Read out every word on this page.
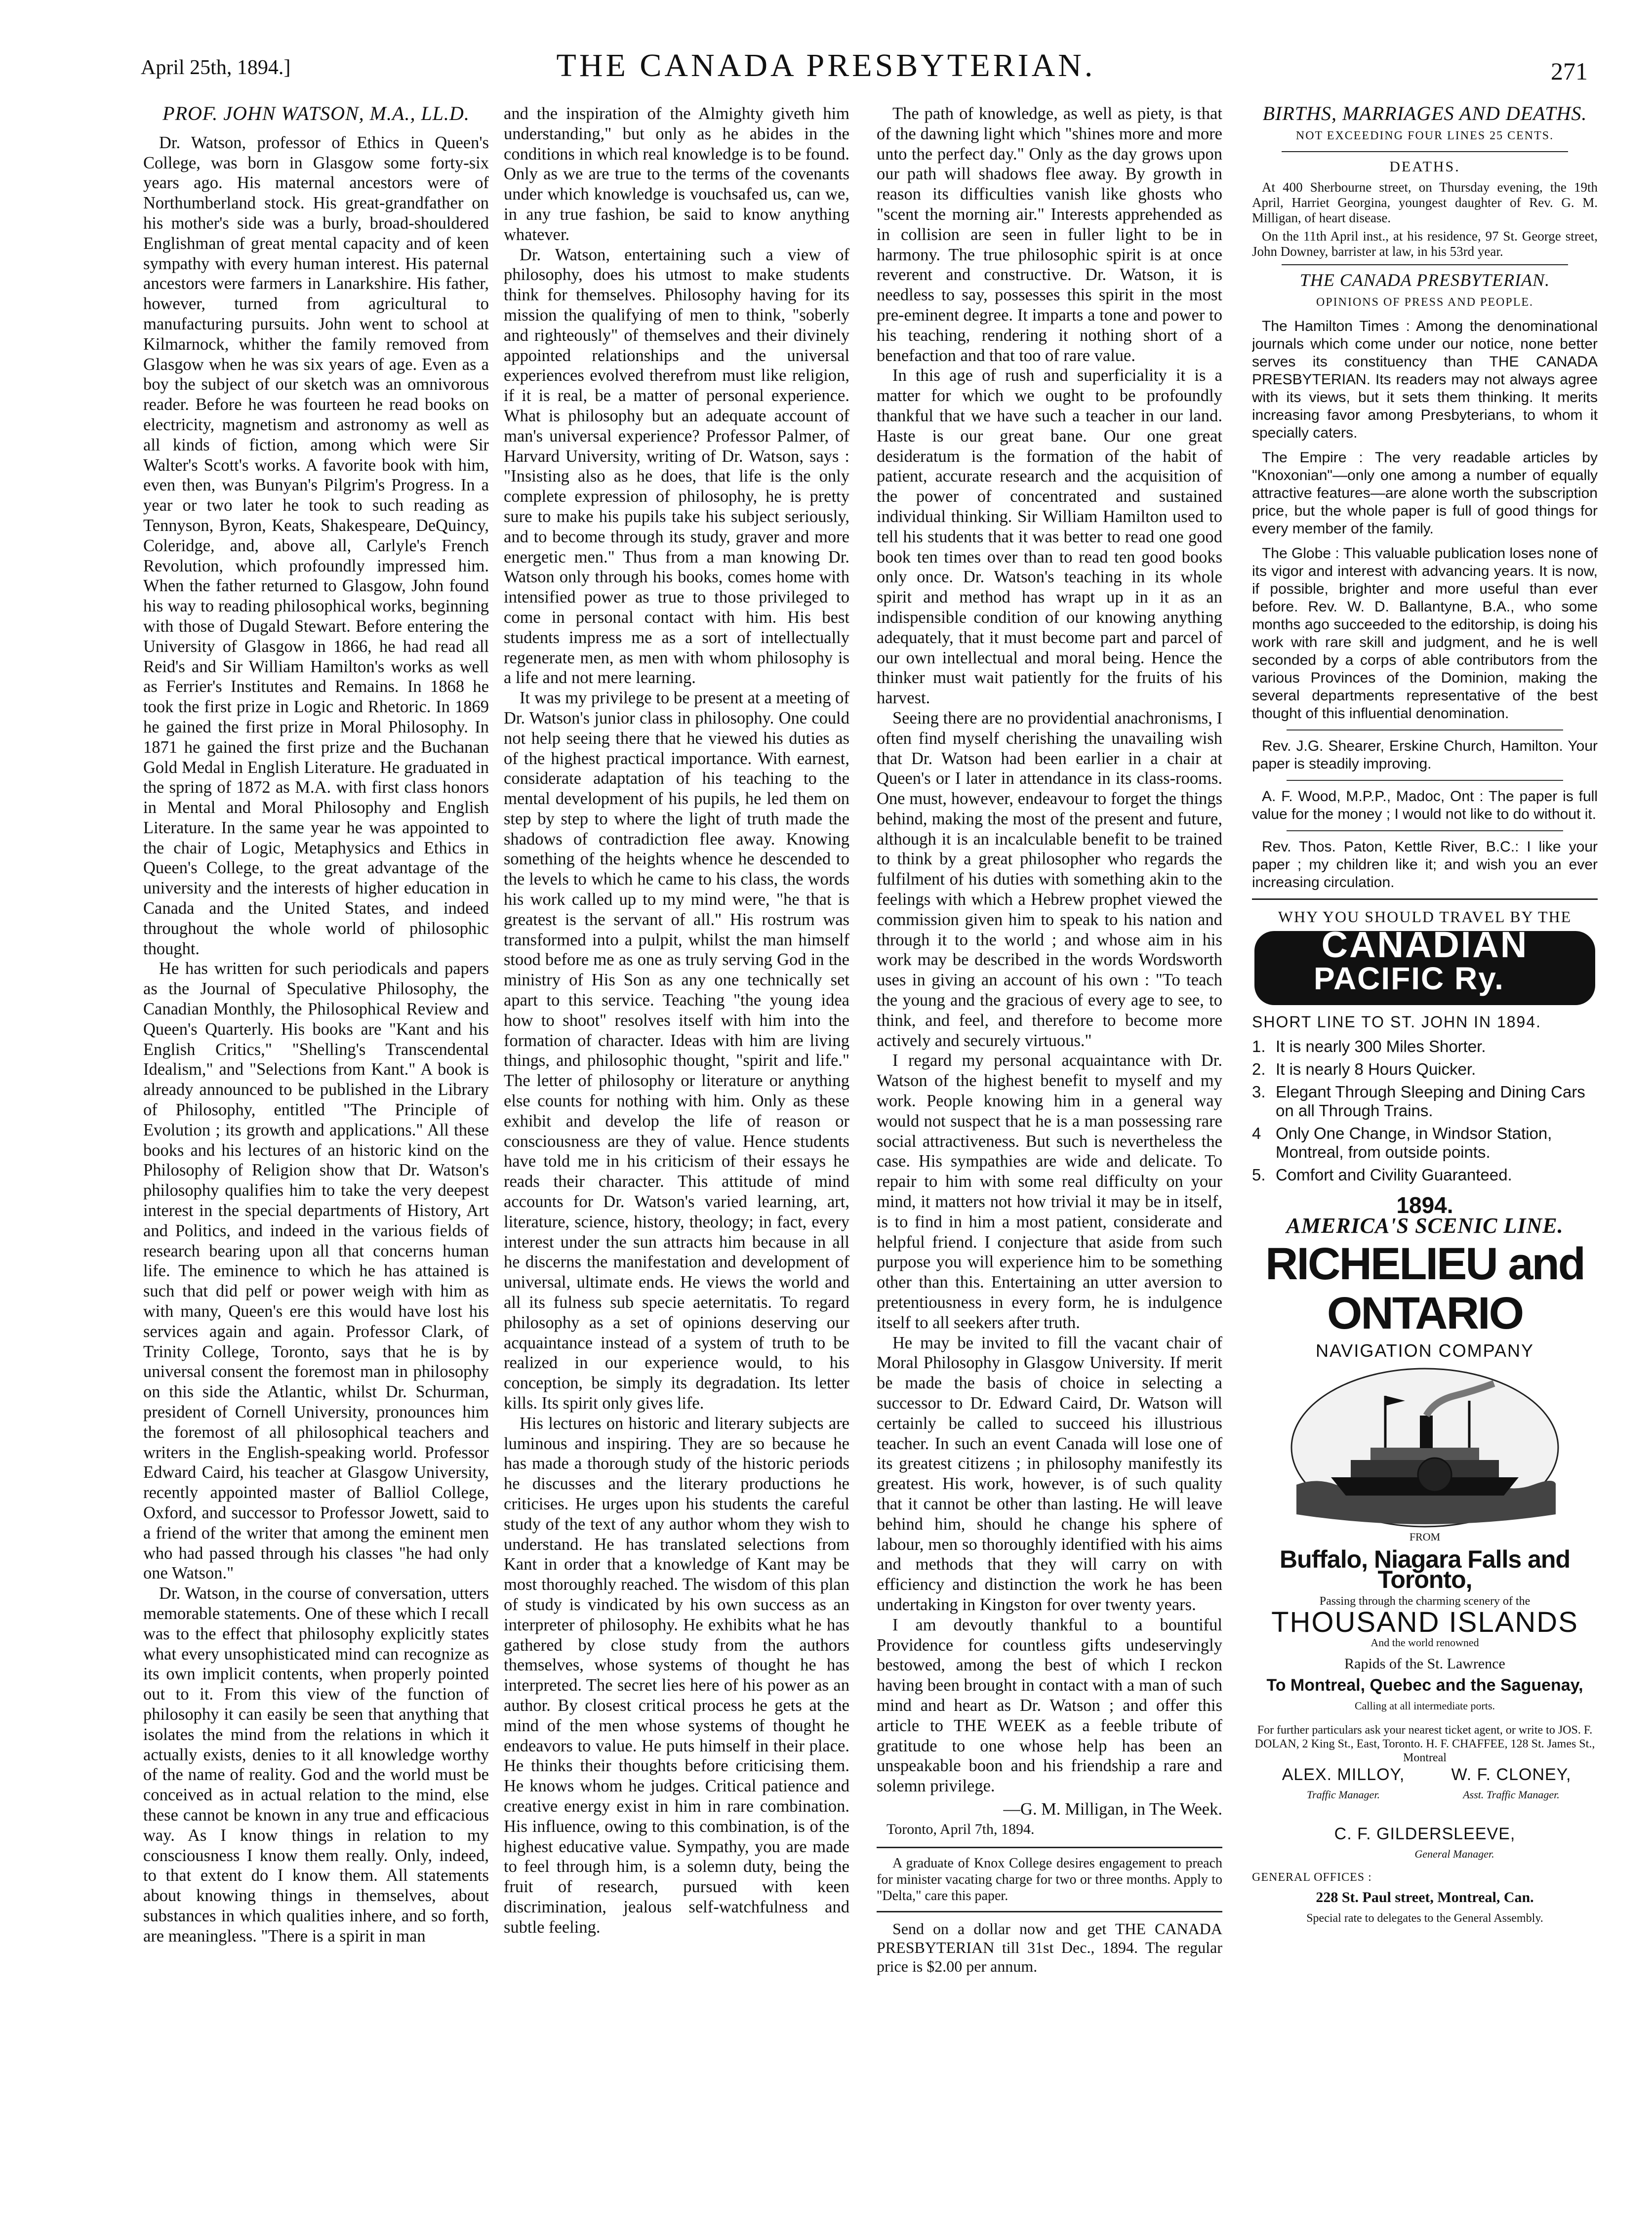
April 25th, 1894.]	THE CANADA PRESBYTERIAN.	271
PROF. JOHN WATSON, M.A., LL.D.

Dr. Watson, professor of Ethics in Queen's College, was born in Glasgow some forty-six years ago. His maternal ancestors were of Northumberland stock. His great-grandfather on his mother's side was a burly, broad-shouldered Englishman of great mental capacity and of keen sympathy with every human interest. His paternal ancestors were farmers in Lanarkshire. His father, however, turned from agricultural to manufacturing pursuits. John went to school at Kilmarnock, whither the family removed from Glasgow when he was six years of age. Even as a boy the subject of our sketch was an omnivorous reader. Before he was fourteen he read books on electricity, magnetism and astronomy as well as all kinds of fiction, among which were Sir Walter's Scott's works. A favorite book with him, even then, was Bunyan's Pilgrim's Progress. In a year or two later he took to such reading as Tennyson, Byron, Keats, Shakespeare, DeQuincy, Coleridge, and, above all, Carlyle's French Revolution, which profoundly impressed him. When the father returned to Glasgow, John found his way to reading philosophical works, beginning with those of Dugald Stewart. Before entering the University of Glasgow in 1866, he had read all Reid's and Sir William Hamilton's works as well as Ferrier's Institutes and Remains. In 1868 he took the first prize in Logic and Rhetoric. In 1869 he gained the first prize in Moral Philosophy. In 1871 he gained the first prize and the Buchanan Gold Medal in English Literature. He graduated in the spring of 1872 as M.A. with first class honors in Mental and Moral Philosophy and English Literature. In the same year he was appointed to the chair of Logic, Metaphysics and Ethics in Queen's College, to the great advantage of the university and the interests of higher education in Canada and the United States, and indeed throughout the whole world of philosophic thought.

He has written for such periodicals and papers as the Journal of Speculative Philosophy, the Canadian Monthly, the Philosophical Review and Queen's Quarterly. His books are "Kant and his English Critics," "Shelling's Transcendental Idealism," and "Selections from Kant." A book is already announced to be published in the Library of Philosophy, entitled "The Principle of Evolution ; its growth and applications." All these books and his lectures of an historic kind on the Philosophy of Religion show that Dr. Watson's philosophy qualifies him to take the very deepest interest in the special departments of History, Art and Politics, and indeed in the various fields of research bearing upon all that concerns human life. The eminence to which he has attained is such that did pelf or power weigh with him as with many, Queen's ere this would have lost his services again and again. Professor Clark, of Trinity College, Toronto, says that he is by universal consent the foremost man in philosophy on this side the Atlantic, whilst Dr. Schurman, president of Cornell University, pronounces him the foremost of all philosophical teachers and writers in the English-speaking world. Professor Edward Caird, his teacher at Glasgow University, recently appointed master of Balliol College, Oxford, and successor to Professor Jowett, said to a friend of the writer that among the eminent men who had passed through his classes "he had only one Watson."

Dr. Watson, in the course of conversation, utters memorable statements. One of these which I recall was to the effect that philosophy explicitly states what every unsophisticated mind can recognize as its own implicit contents, when properly pointed out to it. From this view of the function of philosophy it can easily be seen that anything that isolates the mind from the relations in which it actually exists, denies to it all knowledge worthy of the name of reality. God and the world must be conceived as in actual relation to the mind, else these cannot be known in any true and efficacious way. As I know things in relation to my consciousness I know them really. Only, indeed, to that extent do I know them. All statements about knowing things in themselves, about substances in which qualities inhere, and so forth, are meaningless. "There is a spirit in man

and the inspiration of the Almighty giveth him understanding," but only as he abides in the conditions in which real knowledge is to be found. Only as we are true to the terms of the covenants under which knowledge is vouchsafed us, can we, in any true fashion, be said to know anything whatever.

Dr. Watson, entertaining such a view of philosophy, does his utmost to make students think for themselves. Philosophy having for its mission the qualifying of men to think, "soberly and righteously" of themselves and their divinely appointed relationships and the universal experiences evolved therefrom must like religion, if it is real, be a matter of personal experience. What is philosophy but an adequate account of man's universal experience? Professor Palmer, of Harvard University, writing of Dr. Watson, says : "Insisting also as he does, that life is the only complete expression of philosophy, he is pretty sure to make his pupils take his subject seriously, and to become through its study, graver and more energetic men." Thus from a man knowing Dr. Watson only through his books, comes home with intensified power as true to those privileged to come in personal contact with him. His best students impress me as a sort of intellectually regenerate men, as men with whom philosophy is a life and not mere learning.

It was my privilege to be present at a meeting of Dr. Watson's junior class in philosophy. One could not help seeing there that he viewed his duties as of the highest practical importance. With earnest, considerate adaptation of his teaching to the mental development of his pupils, he led them on step by step to where the light of truth made the shadows of contradiction flee away. Knowing something of the heights whence he descended to the levels to which he came to his class, the words his work called up to my mind were, "he that is greatest is the servant of all." His rostrum was transformed into a pulpit, whilst the man himself stood before me as one as truly serving God in the ministry of His Son as any one technically set apart to this service. Teaching "the young idea how to shoot" resolves itself with him into the formation of character. Ideas with him are living things, and philosophic thought, "spirit and life." The letter of philosophy or literature or anything else counts for nothing with him. Only as these exhibit and develop the life of reason or consciousness are they of value. Hence students have told me in his criticism of their essays he reads their character. This attitude of mind accounts for Dr. Watson's varied learning, art, literature, science, history, theology; in fact, every interest under the sun attracts him because in all he discerns the manifestation and development of universal, ultimate ends. He views the world and all its fulness sub specie aeternitatis. To regard philosophy as a set of opinions deserving our acquaintance instead of a system of truth to be realized in our experience would, to his conception, be simply its degradation. Its letter kills. Its spirit only gives life.

His lectures on historic and literary subjects are luminous and inspiring. They are so because he has made a thorough study of the historic periods he discusses and the literary productions he criticises. He urges upon his students the careful study of the text of any author whom they wish to understand. He has translated selections from Kant in order that a knowledge of Kant may be most thoroughly reached. The wisdom of this plan of study is vindicated by his own success as an interpreter of philosophy. He exhibits what he has gathered by close study from the authors themselves, whose systems of thought he has interpreted. The secret lies here of his power as an author. By closest critical process he gets at the mind of the men whose systems of thought he endeavors to value. He puts himself in their place. He thinks their thoughts before criticising them. He knows whom he judges. Critical patience and creative energy exist in him in rare combination. His influence, owing to this combination, is of the highest educative value. Sympathy, you are made to feel through him, is a solemn duty, being the fruit of research, pursued with keen discrimination, jealous self-watchfulness and subtle feeling.

The path of knowledge, as well as piety, is that of the dawning light which "shines more and more unto the perfect day." Only as the day grows upon our path will shadows flee away. By growth in reason its difficulties vanish like ghosts who "scent the morning air." Interests apprehended as in collision are seen in fuller light to be in harmony. The true philosophic spirit is at once reverent and constructive. Dr. Watson, it is needless to say, possesses this spirit in the most pre-eminent degree. It imparts a tone and power to his teaching, rendering it nothing short of a benefaction and that too of rare value.

In this age of rush and superficiality it is a matter for which we ought to be profoundly thankful that we have such a teacher in our land. Haste is our great bane. Our one great desideratum is the formation of the habit of patient, accurate research and the acquisition of the power of concentrated and sustained individual thinking. Sir William Hamilton used to tell his students that it was better to read one good book ten times over than to read ten good books only once. Dr. Watson's teaching in its whole spirit and method has wrapt up in it as an indispensible condition of our knowing anything adequately, that it must become part and parcel of our own intellectual and moral being. Hence the thinker must wait patiently for the fruits of his harvest.

Seeing there are no providential anachronisms, I often find myself cherishing the unavailing wish that Dr. Watson had been earlier in a chair at Queen's or I later in attendance in its class-rooms. One must, however, endeavour to forget the things behind, making the most of the present and future, although it is an incalculable benefit to be trained to think by a great philosopher who regards the fulfilment of his duties with something akin to the feelings with which a Hebrew prophet viewed the commission given him to speak to his nation and through it to the world ; and whose aim in his work may be described in the words Wordsworth uses in giving an account of his own : "To teach the young and the gracious of every age to see, to think, and feel, and therefore to become more actively and securely virtuous."

I regard my personal acquaintance with Dr. Watson of the highest benefit to myself and my work. People knowing him in a general way would not suspect that he is a man possessing rare social attractiveness. But such is nevertheless the case. His sympathies are wide and delicate. To repair to him with some real difficulty on your mind, it matters not how trivial it may be in itself, is to find in him a most patient, considerate and helpful friend. I conjecture that aside from such purpose you will experience him to be something other than this. Entertaining an utter aversion to pretentiousness in every form, he is indulgence itself to all seekers after truth.

He may be invited to fill the vacant chair of Moral Philosophy in Glasgow University. If merit be made the basis of choice in selecting a successor to Dr. Edward Caird, Dr. Watson will certainly be called to succeed his illustrious teacher. In such an event Canada will lose one of its greatest citizens ; in philosophy manifestly its greatest. His work, however, is of such quality that it cannot be other than lasting. He will leave behind him, should he change his sphere of labour, men so thoroughly identified with his aims and methods that they will carry on with efficiency and distinction the work he has been undertaking in Kingston for over twenty years.

I am devoutly thankful to a bountiful Providence for countless gifts undeservingly bestowed, among the best of which I reckon having been brought in contact with a man of such mind and heart as Dr. Watson ; and offer this article to THE WEEK as a feeble tribute of gratitude to one whose help has been an unspeakable boon and his friendship a rare and solemn privilege.

—G. M. Milligan, in The Week.
Toronto, April 7th, 1894.

A graduate of Knox College desires engagement to preach for minister vacating charge for two or three months. Apply to "Delta," care this paper.

Send on a dollar now and get THE CANADA PRESBYTERIAN till 31st Dec., 1894. The regular price is $2.00 per annum.

BIRTHS, MARRIAGES AND DEATHS.
NOT EXCEEDING FOUR LINES 25 CENTS.
DEATHS.

At 400 Sherbourne street, on Thursday evening, the 19th April, Harriet Georgina, youngest daughter of Rev. G. M. Milligan, of heart disease.

On the 11th April inst., at his residence, 97 St. George street, John Downey, barrister at law, in his 53rd year.

THE CANADA PRESBYTERIAN.
OPINIONS OF PRESS AND PEOPLE.

The Hamilton Times : Among the denominational journals which come under our notice, none better serves its constituency than THE CANADA PRESBYTERIAN. Its readers may not always agree with its views, but it sets them thinking. It merits increasing favor among Presbyterians, to whom it specially caters.

The Empire : The very readable articles by "Knoxonian"—only one among a number of equally attractive features—are alone worth the subscription price, but the whole paper is full of good things for every member of the family.

The Globe : This valuable publication loses none of its vigor and interest with advancing years. It is now, if possible, brighter and more useful than ever before. Rev. W. D. Ballantyne, B.A., who some months ago succeeded to the editorship, is doing his work with rare skill and judgment, and he is well seconded by a corps of able contributors from the various Provinces of the Dominion, making the several departments representative of the best thought of this influential denomination.

Rev. J.G. Shearer, Erskine Church, Hamilton. Your paper is steadily improving.

A. F. Wood, M.P.P., Madoc, Ont : The paper is full value for the money ; I would not like to do without it.

Rev. Thos. Paton, Kettle River, B.C.: I like your paper ; my children like it; and wish you an ever increasing circulation.

WHY YOU SHOULD TRAVEL BY THE
CANADIAN
PACIFIC Ry.
SHORT LINE TO ST. JOHN IN 1894.
1. It is nearly 300 Miles Shorter.
2. It is nearly 8 Hours Quicker.
3. Elegant Through Sleeping and Dining Cars on all Through Trains.
4 Only One Change, in Windsor Station, Montreal, from outside points.
5. Comfort and Civility Guaranteed.
1894.
AMERICA'S SCENIC LINE.
RICHELIEU and ONTARIO
NAVIGATION COMPANY
FROM
Buffalo, Niagara Falls and Toronto,
Passing through the charming scenery of the
THOUSAND ISLANDS
And the world renowned
Rapids of the St. Lawrence
To Montreal, Quebec and the Saguenay,
Calling at all intermediate ports.
For further particulars ask your nearest ticket agent, or write to JOS. F. DOLAN, 2 King St., East, Toronto. H. F. CHAFFEE, 128 St. James St., Montreal
ALEX. MILLOY,
Traffic Manager.
W. F. CLONEY,
Asst. Traffic Manager.
C. F. GILDERSLEEVE,
General Manager.
GENERAL OFFICES :
228 St. Paul street, Montreal, Can.
Special rate to delegates to the General Assembly.
